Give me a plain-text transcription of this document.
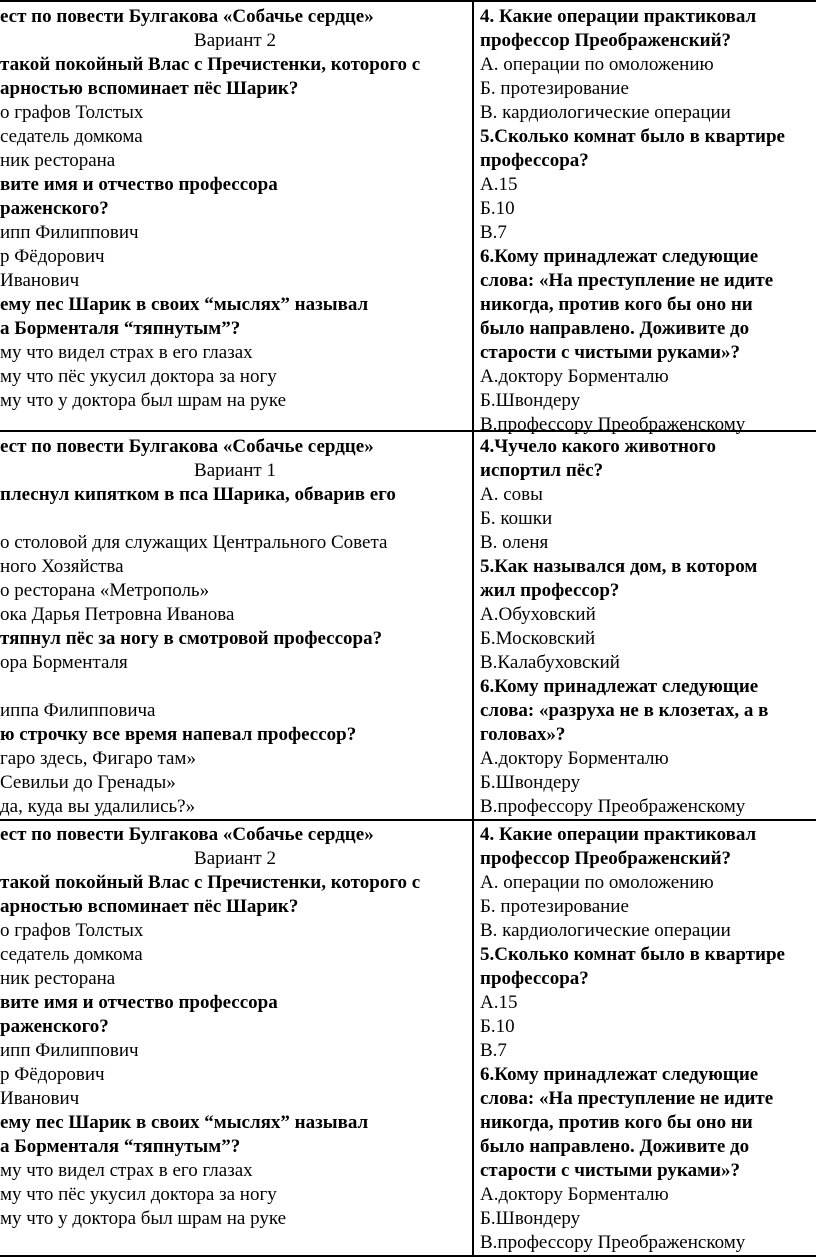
ест по повести Булгакова «Собачье сердце»
Вариант 2
такой покойный Влас с Пречистенки, которого с
арностью вспоминает пёс Шарик?
о графов Толстых
седатель домкома
ник ресторана
вите имя и отчество профессора
раженского?
ипп Филиппович
р Фёдорович
Иванович
ему пес Шарик в своих “мыслях” называл
а Борменталя “тяпнутым”?
му что видел страх в его глазах
му что пёс укусил доктора за ногу
му что у доктора был шрам на руке
4. Какие операции практиковал
профессор Преображенский?
А. операции по омоложению
Б. протезирование
В. кардиологические операции
5.Сколько комнат было в квартире
профессора?
А.15
Б.10
В.7
6.Кому принадлежат следующие
слова: «На преступление не идите
никогда, против кого бы оно ни
было направлено. Доживите до
старости с чистыми руками»?
А.доктору Борменталю
Б.Швондеру
В.профессору Преображенскому
ест по повести Булгакова «Собачье сердце»
Вариант 1
плеснул кипятком в пса Шарика, обварив его
о столовой для служащих Центрального Совета
ного Хозяйства
о ресторана «Метрополь»
ока Дарья Петровна Иванова
тяпнул пёс за ногу в смотровой профессора?
ора Борменталя
иппа Филипповича
ю строчку все время напевал профессор?
гаро здесь, Фигаро там»
Севильи до Гренады»
да, куда вы удалились?»
4.Чучело какого животного
испортил пёс?
А. совы
Б. кошки
В. оленя
5.Как назывался дом, в котором
жил профессор?
А.Обуховский
Б.Московский
В.Калабуховский
6.Кому принадлежат следующие
слова: «разруха не в клозетах, а в
головах»?
А.доктору Борменталю
Б.Швондеру
В.профессору Преображенскому
ест по повести Булгакова «Собачье сердце»
Вариант 2
такой покойный Влас с Пречистенки, которого с
арностью вспоминает пёс Шарик?
о графов Толстых
седатель домкома
ник ресторана
вите имя и отчество профессора
раженского?
ипп Филиппович
р Фёдорович
Иванович
ему пес Шарик в своих “мыслях” называл
а Борменталя “тяпнутым”?
му что видел страх в его глазах
му что пёс укусил доктора за ногу
му что у доктора был шрам на руке
4. Какие операции практиковал
профессор Преображенский?
А. операции по омоложению
Б. протезирование
В. кардиологические операции
5.Сколько комнат было в квартире
профессора?
А.15
Б.10
В.7
6.Кому принадлежат следующие
слова: «На преступление не идите
никогда, против кого бы оно ни
было направлено. Доживите до
старости с чистыми руками»?
А.доктору Борменталю
Б.Швондеру
В.профессору Преображенскому
